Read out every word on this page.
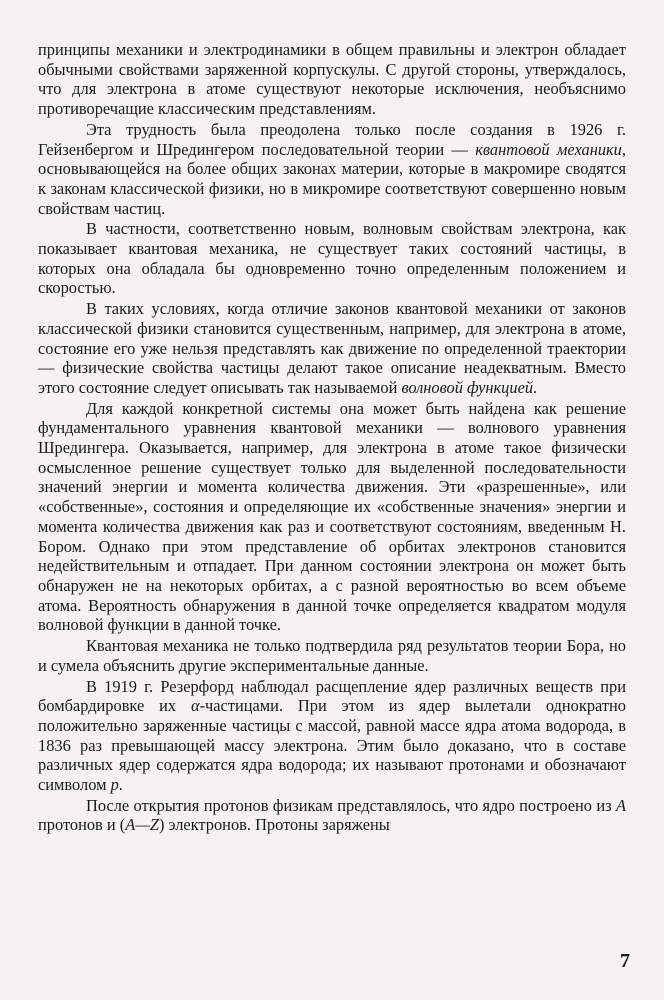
принципы механики и электродинамики в общем правильны и электрон обладает обычными свойствами заряженной корпускулы. С другой стороны, утверждалось, что для электрона в атоме существуют некоторые исключения, необъяснимо противоречащие классическим представлениям.

Эта трудность была преодолена только после создания в 1926 г. Гейзенбергом и Шредингером последовательной теории — квантовой механики, основывающейся на более общих законах материи, которые в макромире сводятся к законам классической физики, но в микромире соответствуют совершенно новым свойствам частиц.

В частности, соответственно новым, волновым свойствам электрона, как показывает квантовая механика, не существует таких состояний частицы, в которых она обладала бы одновременно точно определенным положением и скоростью.

В таких условиях, когда отличие законов квантовой механики от законов классической физики становится существенным, например, для электрона в атоме, состояние его уже нельзя представлять как движение по определенной траектории — физические свойства частицы делают такое описание неадекватным. Вместо этого состояние следует описывать так называемой волновой функцией.

Для каждой конкретной системы она может быть найдена как решение фундаментального уравнения квантовой механики — волнового уравнения Шредингера. Оказывается, например, для электрона в атоме такое физически осмысленное решение существует только для выделенной последовательности значений энергии и момента количества движения. Эти «разрешенные», или «собственные», состояния и определяющие их «собственные значения» энергии и момента количества движения как раз и соответствуют состояниям, введенным Н. Бором. Однако при этом представление об орбитах электронов становится недействительным и отпадает. При данном состоянии электрона он может быть обнаружен не на некоторых орбитах, а с разной вероятностью во всем объеме атома. Вероятность обнаружения в данной точке определяется квадратом модуля волновой функции в данной точке.

Квантовая механика не только подтвердила ряд результатов теории Бора, но и сумела объяснить другие экспериментальные данные.

В 1919 г. Резерфорд наблюдал расщепление ядер различных веществ при бомбардировке их α-частицами. При этом из ядер вылетали однократно положительно заряженные частицы с массой, равной массе ядра атома водорода, в 1836 раз превышающей массу электрона. Этим было доказано, что в составе различных ядер содержатся ядра водорода; их называют протонами и обозначают символом p.

После открытия протонов физикам представлялось, что ядро построено из A протонов и (A—Z) электронов. Протоны заряжены

7
